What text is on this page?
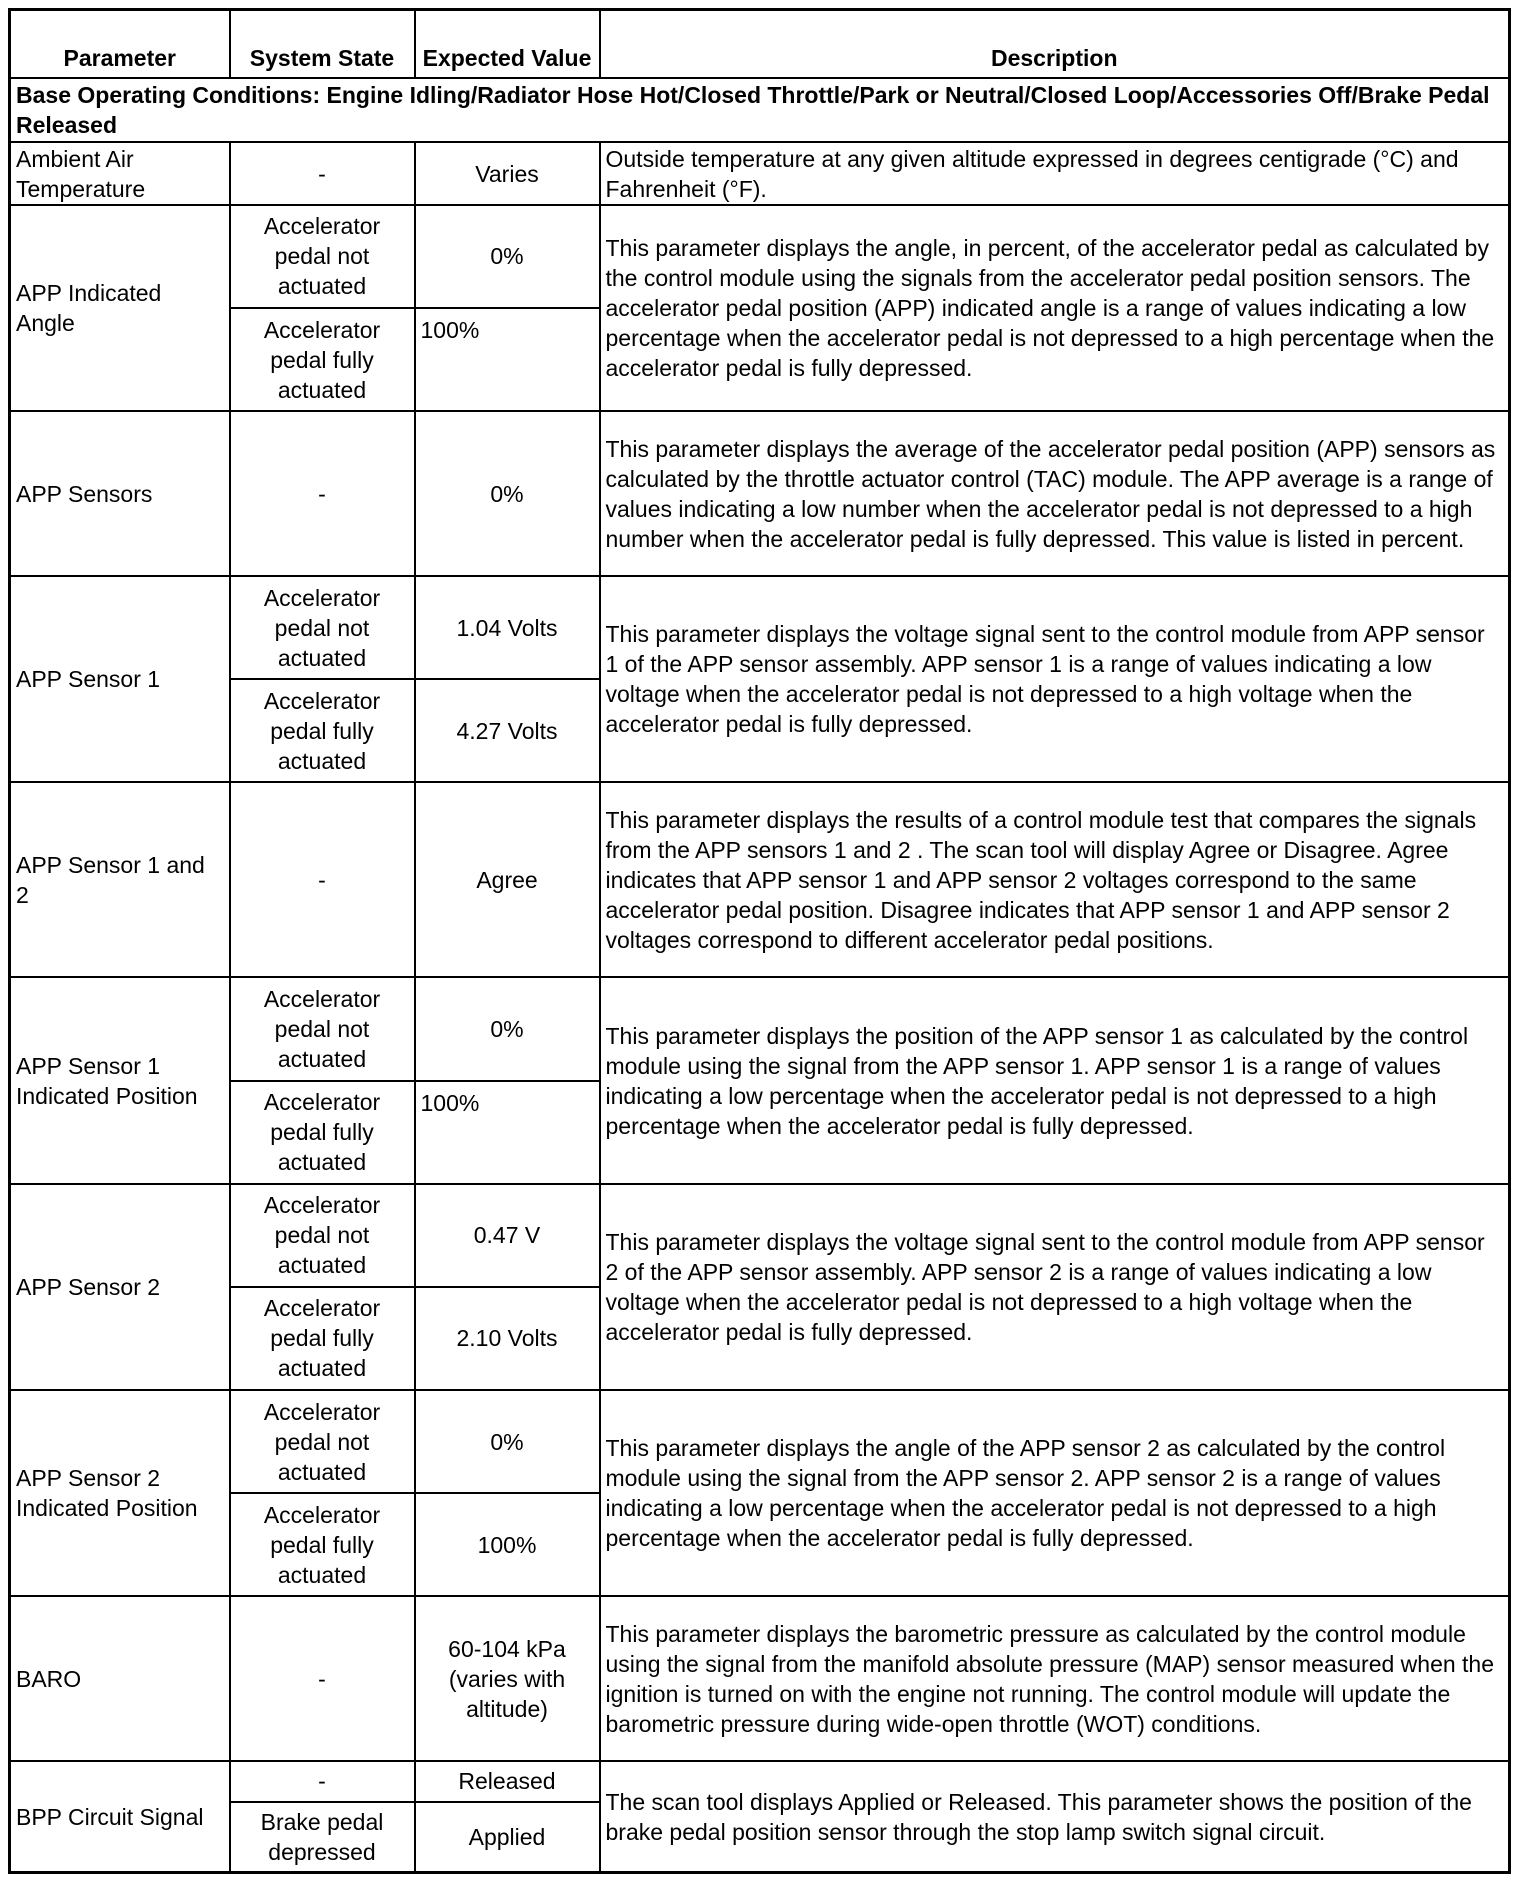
Parameter	System State	Expected Value	Description
Base Operating Conditions: Engine Idling/Radiator Hose Hot/Closed Throttle/Park or Neutral/Closed Loop/Accessories Off/Brake Pedal Released			
Ambient Air Temperature	-	Varies	Outside temperature at any given altitude expressed in degrees centigrade (°C) and Fahrenheit (°F).
APP Indicated Angle	Accelerator pedal not actuated	0%	This parameter displays the angle, in percent, of the accelerator pedal as calculated by the control module using the signals from the accelerator pedal position sensors. The accelerator pedal position (APP) indicated angle is a range of values indicating a low percentage when the accelerator pedal is not depressed to a high percentage when the accelerator pedal is fully depressed.
	Accelerator pedal fully actuated	100%	
APP Sensors	-	0%	This parameter displays the average of the accelerator pedal position (APP) sensors as calculated by the throttle actuator control (TAC) module. The APP average is a range of values indicating a low number when the accelerator pedal is not depressed to a high number when the accelerator pedal is fully depressed. This value is listed in percent.
APP Sensor 1	Accelerator pedal not actuated	1.04 Volts	This parameter displays the voltage signal sent to the control module from APP sensor 1 of the APP sensor assembly. APP sensor 1 is a range of values indicating a low voltage when the accelerator pedal is not depressed to a high voltage when the accelerator pedal is fully depressed.
	Accelerator pedal fully actuated	4.27 Volts	
APP Sensor 1 and 2	-	Agree	This parameter displays the results of a control module test that compares the signals from the APP sensors 1 and 2 . The scan tool will display Agree or Disagree. Agree indicates that APP sensor 1 and APP sensor 2 voltages correspond to the same accelerator pedal position. Disagree indicates that APP sensor 1 and APP sensor 2 voltages correspond to different accelerator pedal positions.
APP Sensor 1 Indicated Position	Accelerator pedal not actuated	0%	This parameter displays the position of the APP sensor 1 as calculated by the control module using the signal from the APP sensor 1. APP sensor 1 is a range of values indicating a low percentage when the accelerator pedal is not depressed to a high percentage when the accelerator pedal is fully depressed.
	Accelerator pedal fully actuated	100%	
APP Sensor 2	Accelerator pedal not actuated	0.47 V	This parameter displays the voltage signal sent to the control module from APP sensor 2 of the APP sensor assembly. APP sensor 2 is a range of values indicating a low voltage when the accelerator pedal is not depressed to a high voltage when the accelerator pedal is fully depressed.
	Accelerator pedal fully actuated	2.10 Volts	
APP Sensor 2 Indicated Position	Accelerator pedal not actuated	0%	This parameter displays the angle of the APP sensor 2 as calculated by the control module using the signal from the APP sensor 2. APP sensor 2 is a range of values indicating a low percentage when the accelerator pedal is not depressed to a high percentage when the accelerator pedal is fully depressed.
	Accelerator pedal fully actuated	100%	
BARO	-	60-104 kPa (varies with altitude)	This parameter displays the barometric pressure as calculated by the control module using the signal from the manifold absolute pressure (MAP) sensor measured when the ignition is turned on with the engine not running. The control module will update the barometric pressure during wide-open throttle (WOT) conditions.
BPP Circuit Signal	-	Released	The scan tool displays Applied or Released. This parameter shows the position of the brake pedal position sensor through the stop lamp switch signal circuit.
	Brake pedal depressed	Applied	
